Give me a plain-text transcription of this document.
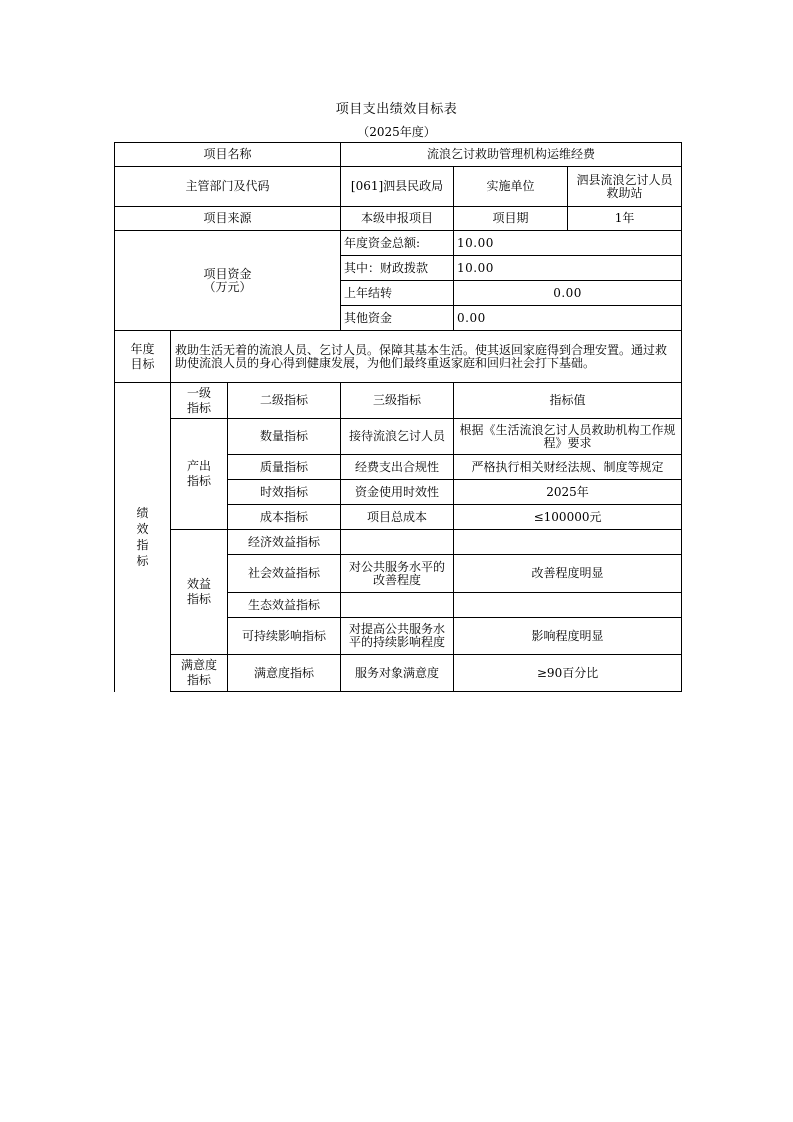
项目支出绩效目标表
（2025年度）
项目名称			流浪乞讨救助管理机构运维经费		
主管部门及代码			[061]泗县民政局	实施单位	泗县流浪乞讨人员救助站
项目来源			本级申报项目	项目期	1年
项目资金
（万元）			年度资金总额:	10.00	
			其中：财政拨款	10.00	
			上年结转	0.00	
			其他资金	0.00	
年度目标	救助生活无着的流浪人员、乞讨人员。保障其基本生活。使其返回家庭得到合理安置。通过救助使流浪人员的身心得到健康发展，为他们最终重返家庭和回归社会打下基础。				
绩效指标	一级指标	二级指标	三级指标	指标值	
	产出指标	数量指标	接待流浪乞讨人员	根据《生活流浪乞讨人员救助机构工作规程》要求	
		质量指标	经费支出合规性	严格执行相关财经法规、制度等规定	
		时效指标	资金使用时效性	2025年	
		成本指标	项目总成本	≤100000元	
	效益指标	经济效益指标			
		社会效益指标	对公共服务水平的改善程度	改善程度明显	
		生态效益指标			
		可持续影响指标	对提高公共服务水平的持续影响程度	影响程度明显	
	满意度指标	满意度指标	服务对象满意度	≥90百分比	
